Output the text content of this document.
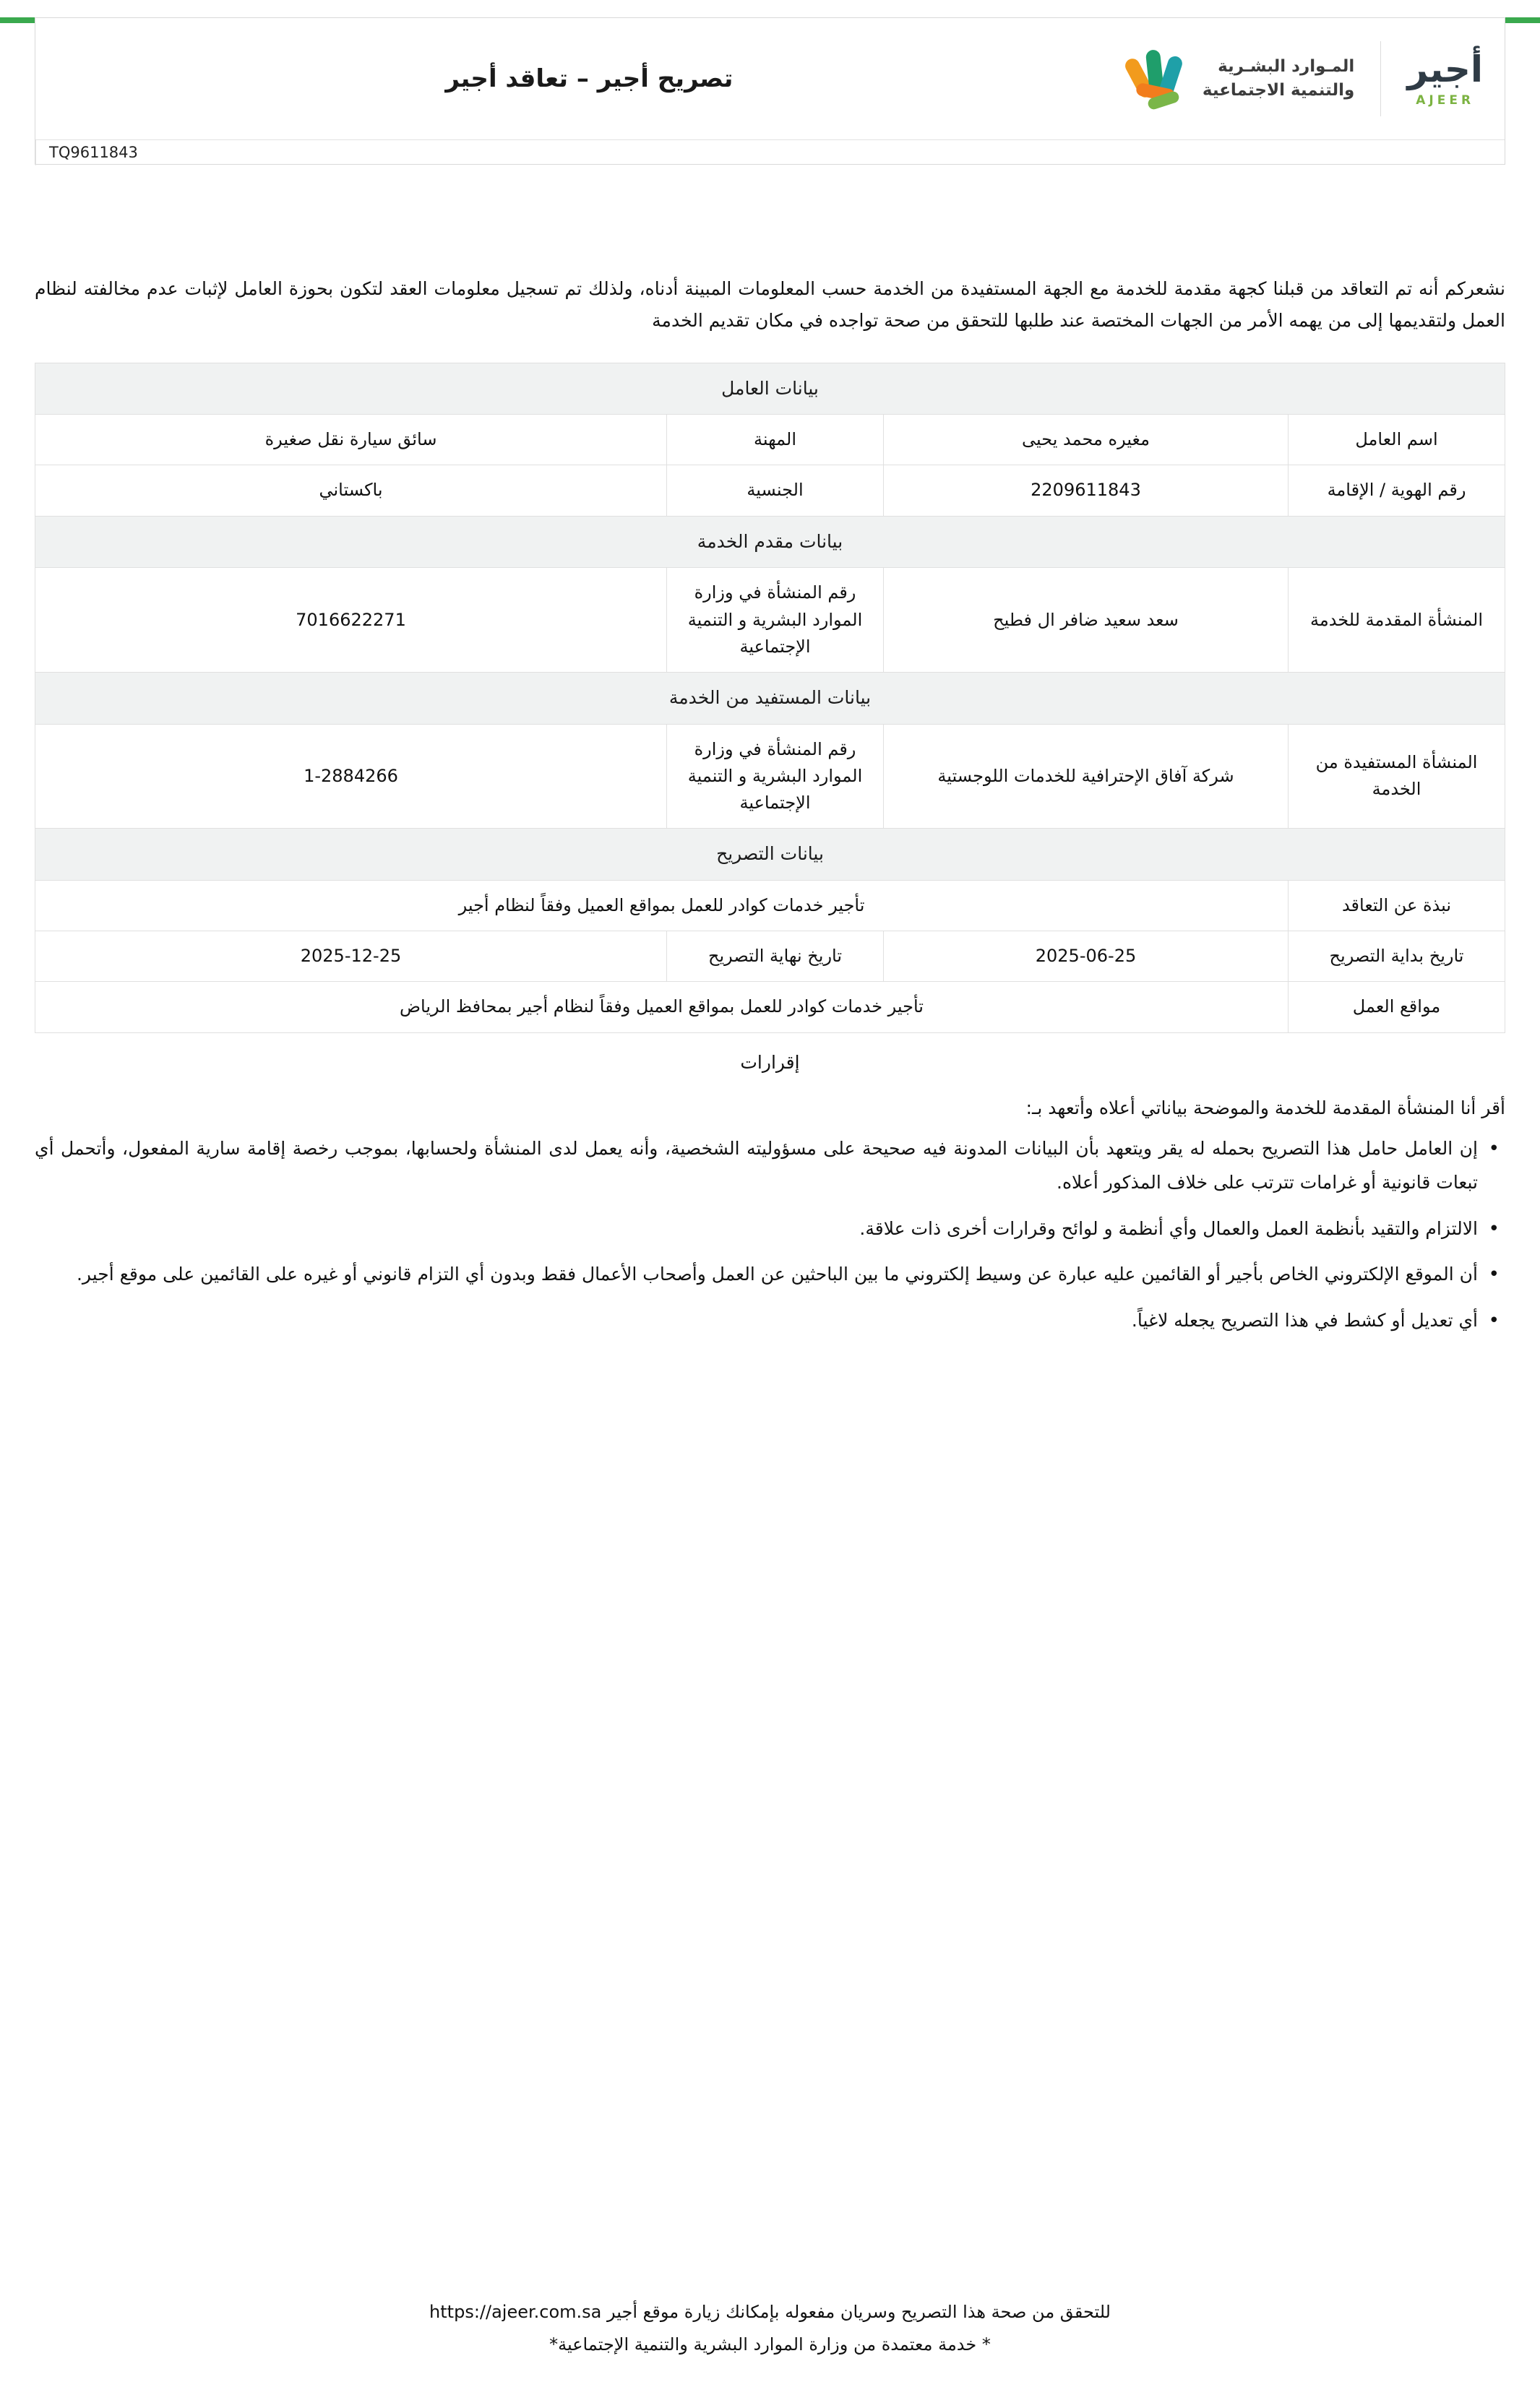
المـوارد البشـرية
والتنمية الاجتماعية
أجير
AJEER
تصريح أجير – تعاقد أجير
TQ9611843
نشعركم أنه تم التعاقد من قبلنا كجهة مقدمة للخدمة مع الجهة المستفيدة من الخدمة حسب المعلومات المبينة أدناه، ولذلك تم تسجيل معلومات العقد لتكون بحوزة العامل لإثبات عدم مخالفته لنظام العمل ولتقديمها إلى من يهمه الأمر من الجهات المختصة عند طلبها للتحقق من صحة تواجده في مكان تقديم الخدمة
بيانات العامل			
اسم العامل	مغيره محمد يحيى	المهنة	سائق سيارة نقل صغيرة
رقم الهوية / الإقامة	2209611843	الجنسية	باكستاني
بيانات مقدم الخدمة			
المنشأة المقدمة للخدمة	سعد سعيد ضافر ال فطيح	رقم المنشأة في وزارة الموارد البشرية و التنمية الإجتماعية	7016622271
بيانات المستفيد من الخدمة			
المنشأة المستفيدة من الخدمة	شركة آفاق الإحترافية للخدمات اللوجستية	رقم المنشأة في وزارة الموارد البشرية و التنمية الإجتماعية	1-2884266
بيانات التصريح			
نبذة عن التعاقد	تأجير خدمات كوادر للعمل بمواقع العميل وفقاً لنظام أجير		
تاريخ بداية التصريح	2025-06-25	تاريخ نهاية التصريح	2025-12-25
مواقع العمل	تأجير خدمات كوادر للعمل بمواقع العميل وفقاً لنظام أجير بمحافظ الرياض		
إقرارات
أقر أنا المنشأة المقدمة للخدمة والموضحة بياناتي أعلاه وأتعهد بـ:
• إن العامل حامل هذا التصريح بحمله له يقر ويتعهد بأن البيانات المدونة فيه صحيحة على مسؤوليته الشخصية، وأنه يعمل لدى المنشأة ولحسابها، بموجب رخصة إقامة سارية المفعول، وأتحمل أي تبعات قانونية أو غرامات تترتب على خلاف المذكور أعلاه.
• الالتزام والتقيد بأنظمة العمل والعمال وأي أنظمة و لوائح وقرارات أخرى ذات علاقة.
• أن الموقع الإلكتروني الخاص بأجير أو القائمين عليه عبارة عن وسيط إلكتروني ما بين الباحثين عن العمل وأصحاب الأعمال فقط وبدون أي التزام قانوني أو غيره على القائمين على موقع أجير.
• أي تعديل أو كشط في هذا التصريح يجعله لاغياً.
للتحقق من صحة هذا التصريح وسريان مفعوله بإمكانك زيارة موقع أجير https://ajeer.com.sa
* خدمة معتمدة من وزارة الموارد البشرية والتنمية الإجتماعية*
